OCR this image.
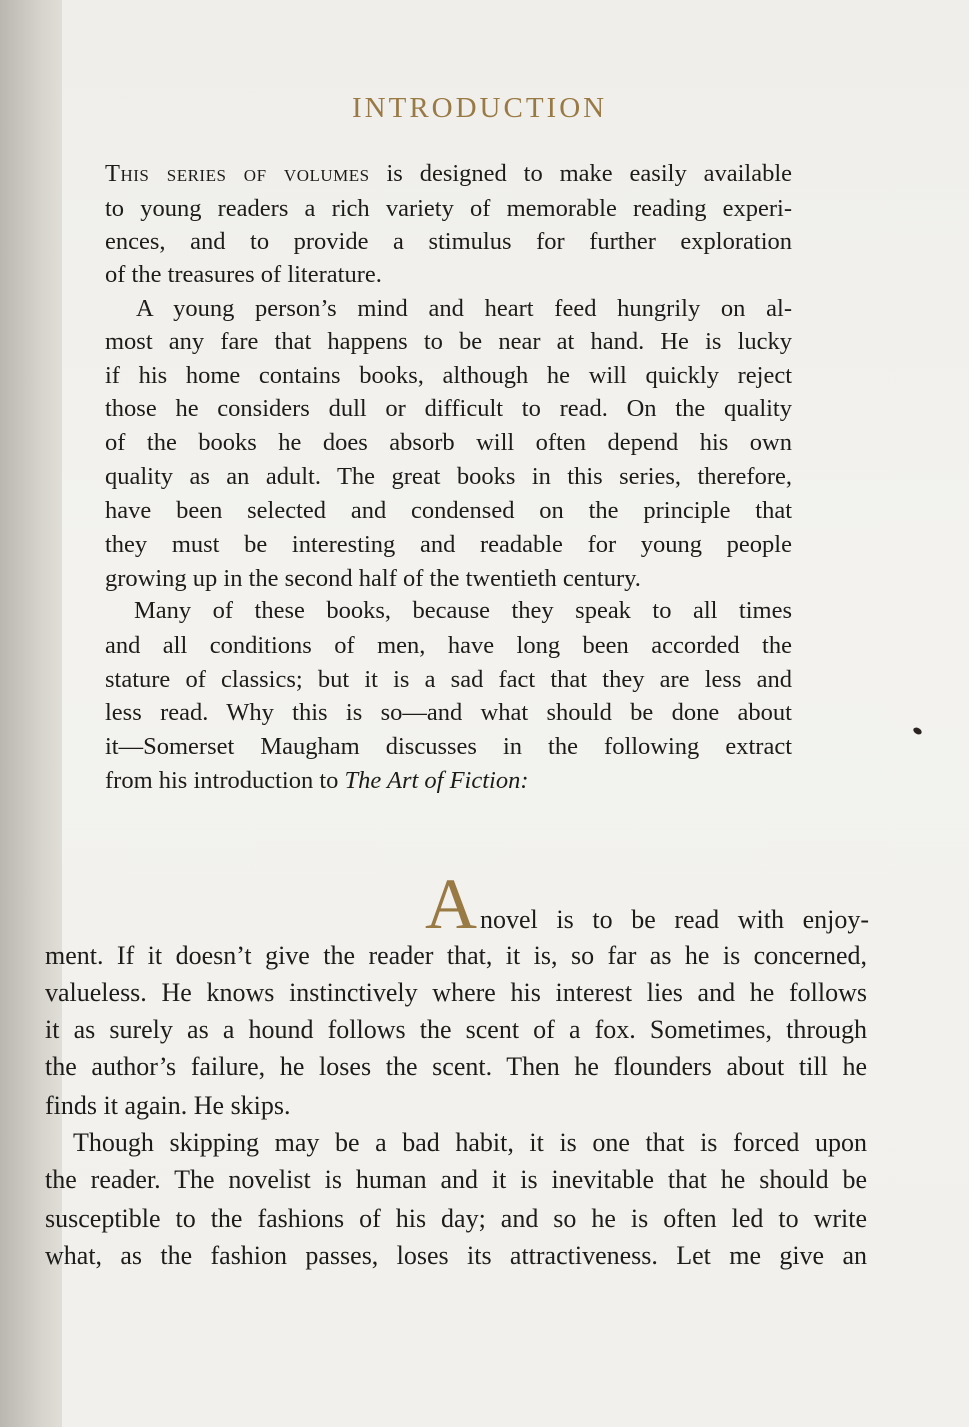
INTRODUCTION

This series of volumes is designed to make easily available

to young readers a rich variety of memorable reading experi-

ences, and to provide a stimulus for further exploration

of the treasures of literature.

A young person’s mind and heart feed hungrily on al-

most any fare that happens to be near at hand. He is lucky

if his home contains books, although he will quickly reject

those he considers dull or difficult to read. On the quality

of the books he does absorb will often depend his own

quality as an adult. The great books in this series, therefore,

have been selected and condensed on the principle that

they must be interesting and readable for young people

growing up in the second half of the twentieth century.

Many of these books, because they speak to all times

and all conditions of men, have long been accorded the

stature of classics; but it is a sad fact that they are less and

less read. Why this is so—and what should be done about

it—Somerset Maugham discusses in the following extract

from his introduction to The Art of Fiction:

A novel is to be read with enjoy-

ment. If it doesn’t give the reader that, it is, so far as he is concerned,

valueless. He knows instinctively where his interest lies and he follows

it as surely as a hound follows the scent of a fox. Sometimes, through

the author’s failure, he loses the scent. Then he flounders about till he

finds it again. He skips.

Though skipping may be a bad habit, it is one that is forced upon

the reader. The novelist is human and it is inevitable that he should be

susceptible to the fashions of his day; and so he is often led to write

what, as the fashion passes, loses its attractiveness. Let me give an
